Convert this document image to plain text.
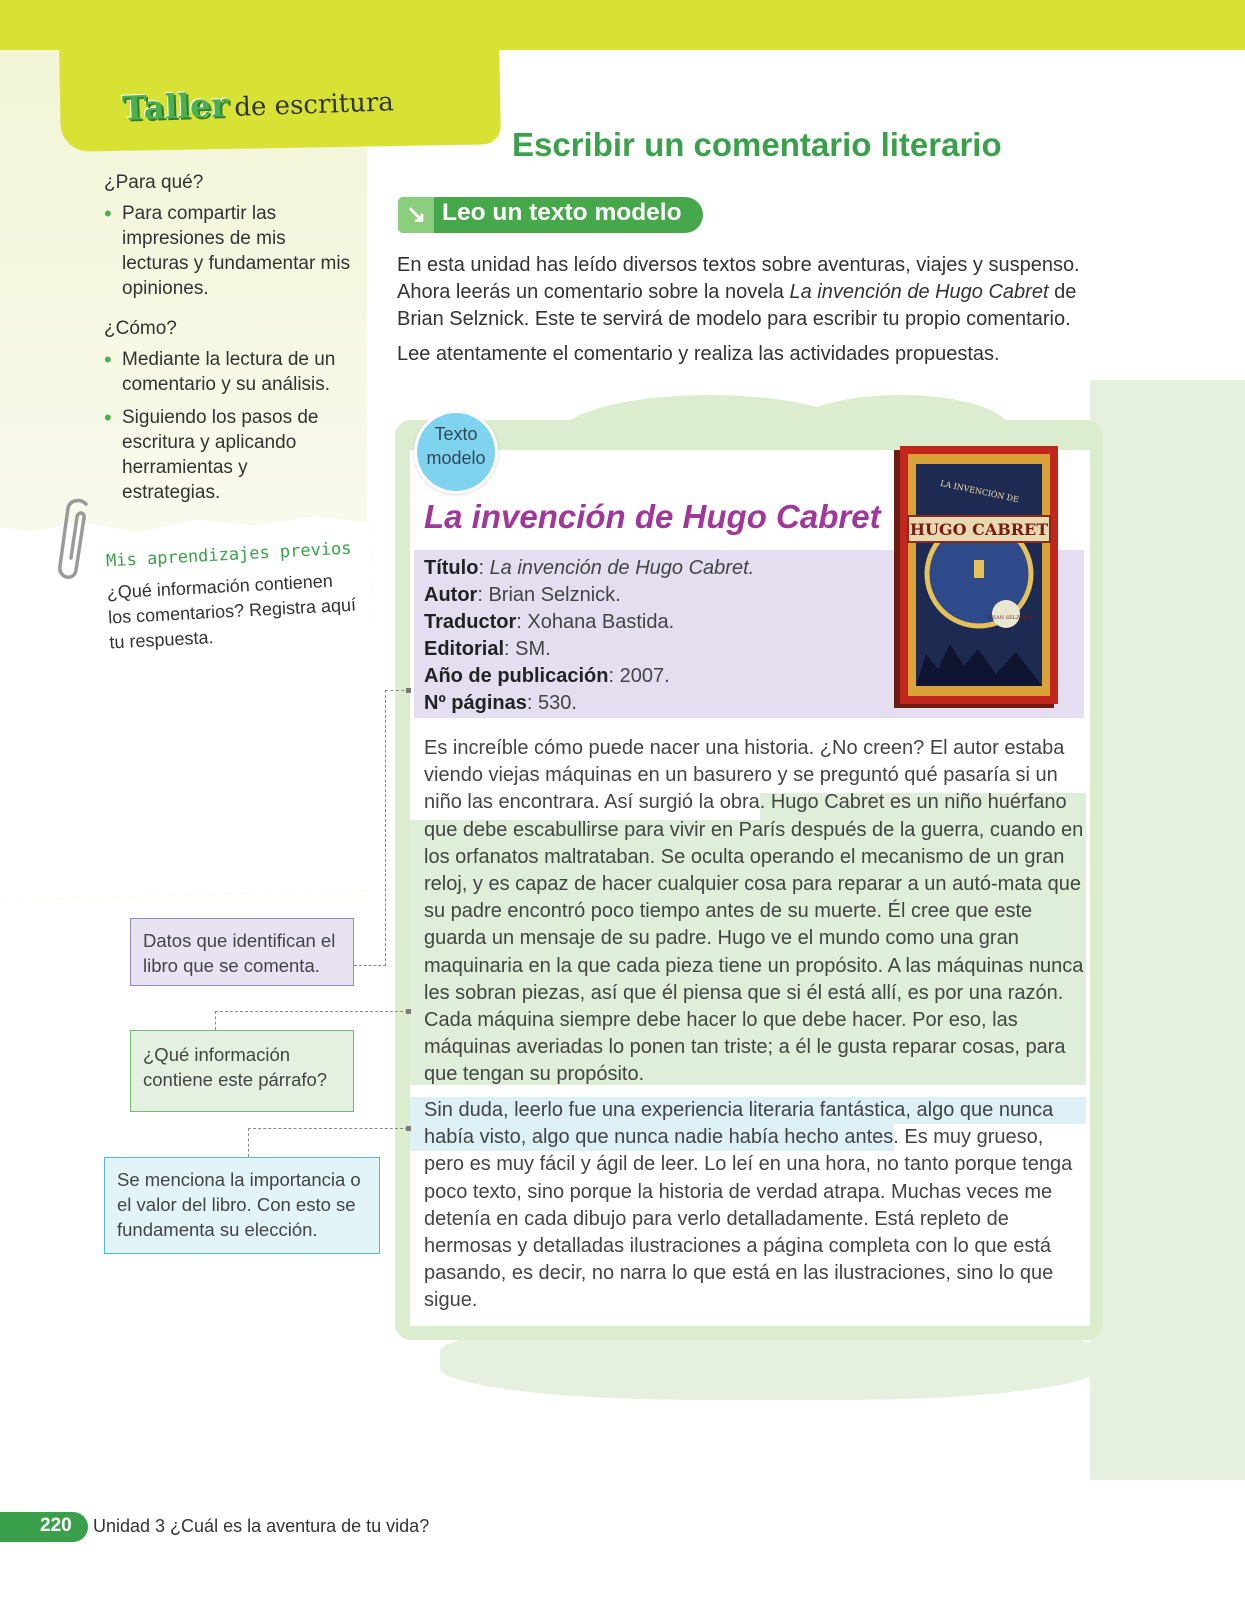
Taller de escritura
Escribir un comentario literario
¿Para qué?
• Para compartir las impresiones de mis lecturas y fundamentar mis opiniones.
¿Cómo?
• Mediante la lectura de un comentario y su análisis.
• Siguiendo los pasos de escritura y aplicando herramientas y estrategias.
Mis aprendizajes previos
¿Qué información contienen los comentarios? Registra aquí tu respuesta.
↘ Leo un texto modelo

En esta unidad has leído diversos textos sobre aventuras, viajes y suspenso. Ahora leerás un comentario sobre la novela La invención de Hugo Cabret de Brian Selznick. Este te servirá de modelo para escribir tu propio comentario.

Lee atentamente el comentario y realiza las actividades propuestas.

Texto modelo
La invención de Hugo Cabret
Título: La invención de Hugo Cabret.
Autor: Brian Selznick.
Traductor: Xohana Bastida.
Editorial: SM.
Año de publicación: 2007.
Nº páginas: 530.
HUGO CABRET
LA INVENCIÓN DE
BRIAN SELZNICK

Es increíble cómo puede nacer una historia. ¿No creen? El autor estaba viendo viejas máquinas en un basurero y se preguntó qué pasaría si un niño las encontrara. Así surgió la obra. Hugo Cabret es un niño huérfano que debe escabullirse para vivir en París después de la guerra, cuando en los orfanatos maltrataban. Se oculta operando el mecanismo de un gran reloj, y es capaz de hacer cualquier cosa para reparar a un autó-mata que su padre encontró poco tiempo antes de su muerte. Él cree que este guarda un mensaje de su padre. Hugo ve el mundo como una gran maquinaria en la que cada pieza tiene un propósito. A las máquinas nunca les sobran piezas, así que él piensa que si él está allí, es por una razón. Cada máquina siempre debe hacer lo que debe hacer. Por eso, las máquinas averiadas lo ponen tan triste; a él le gusta reparar cosas, para que tengan su propósito.

Sin duda, leerlo fue una experiencia literaria fantástica, algo que nunca había visto, algo que nunca nadie había hecho antes. Es muy grueso, pero es muy fácil y ágil de leer. Lo leí en una hora, no tanto porque tenga poco texto, sino porque la historia de verdad atrapa. Muchas veces me detenía en cada dibujo para verlo detalladamente. Está repleto de hermosas y detalladas ilustraciones a página completa con lo que está pasando, es decir, no narra lo que está en las ilustraciones, sino lo que sigue.

Datos que identifican el libro que se comenta.
¿Qué información contiene este párrafo?
Se menciona la importancia o el valor del libro. Con esto se fundamenta su elección.
220 Unidad 3 ¿Cuál es la aventura de tu vida?
